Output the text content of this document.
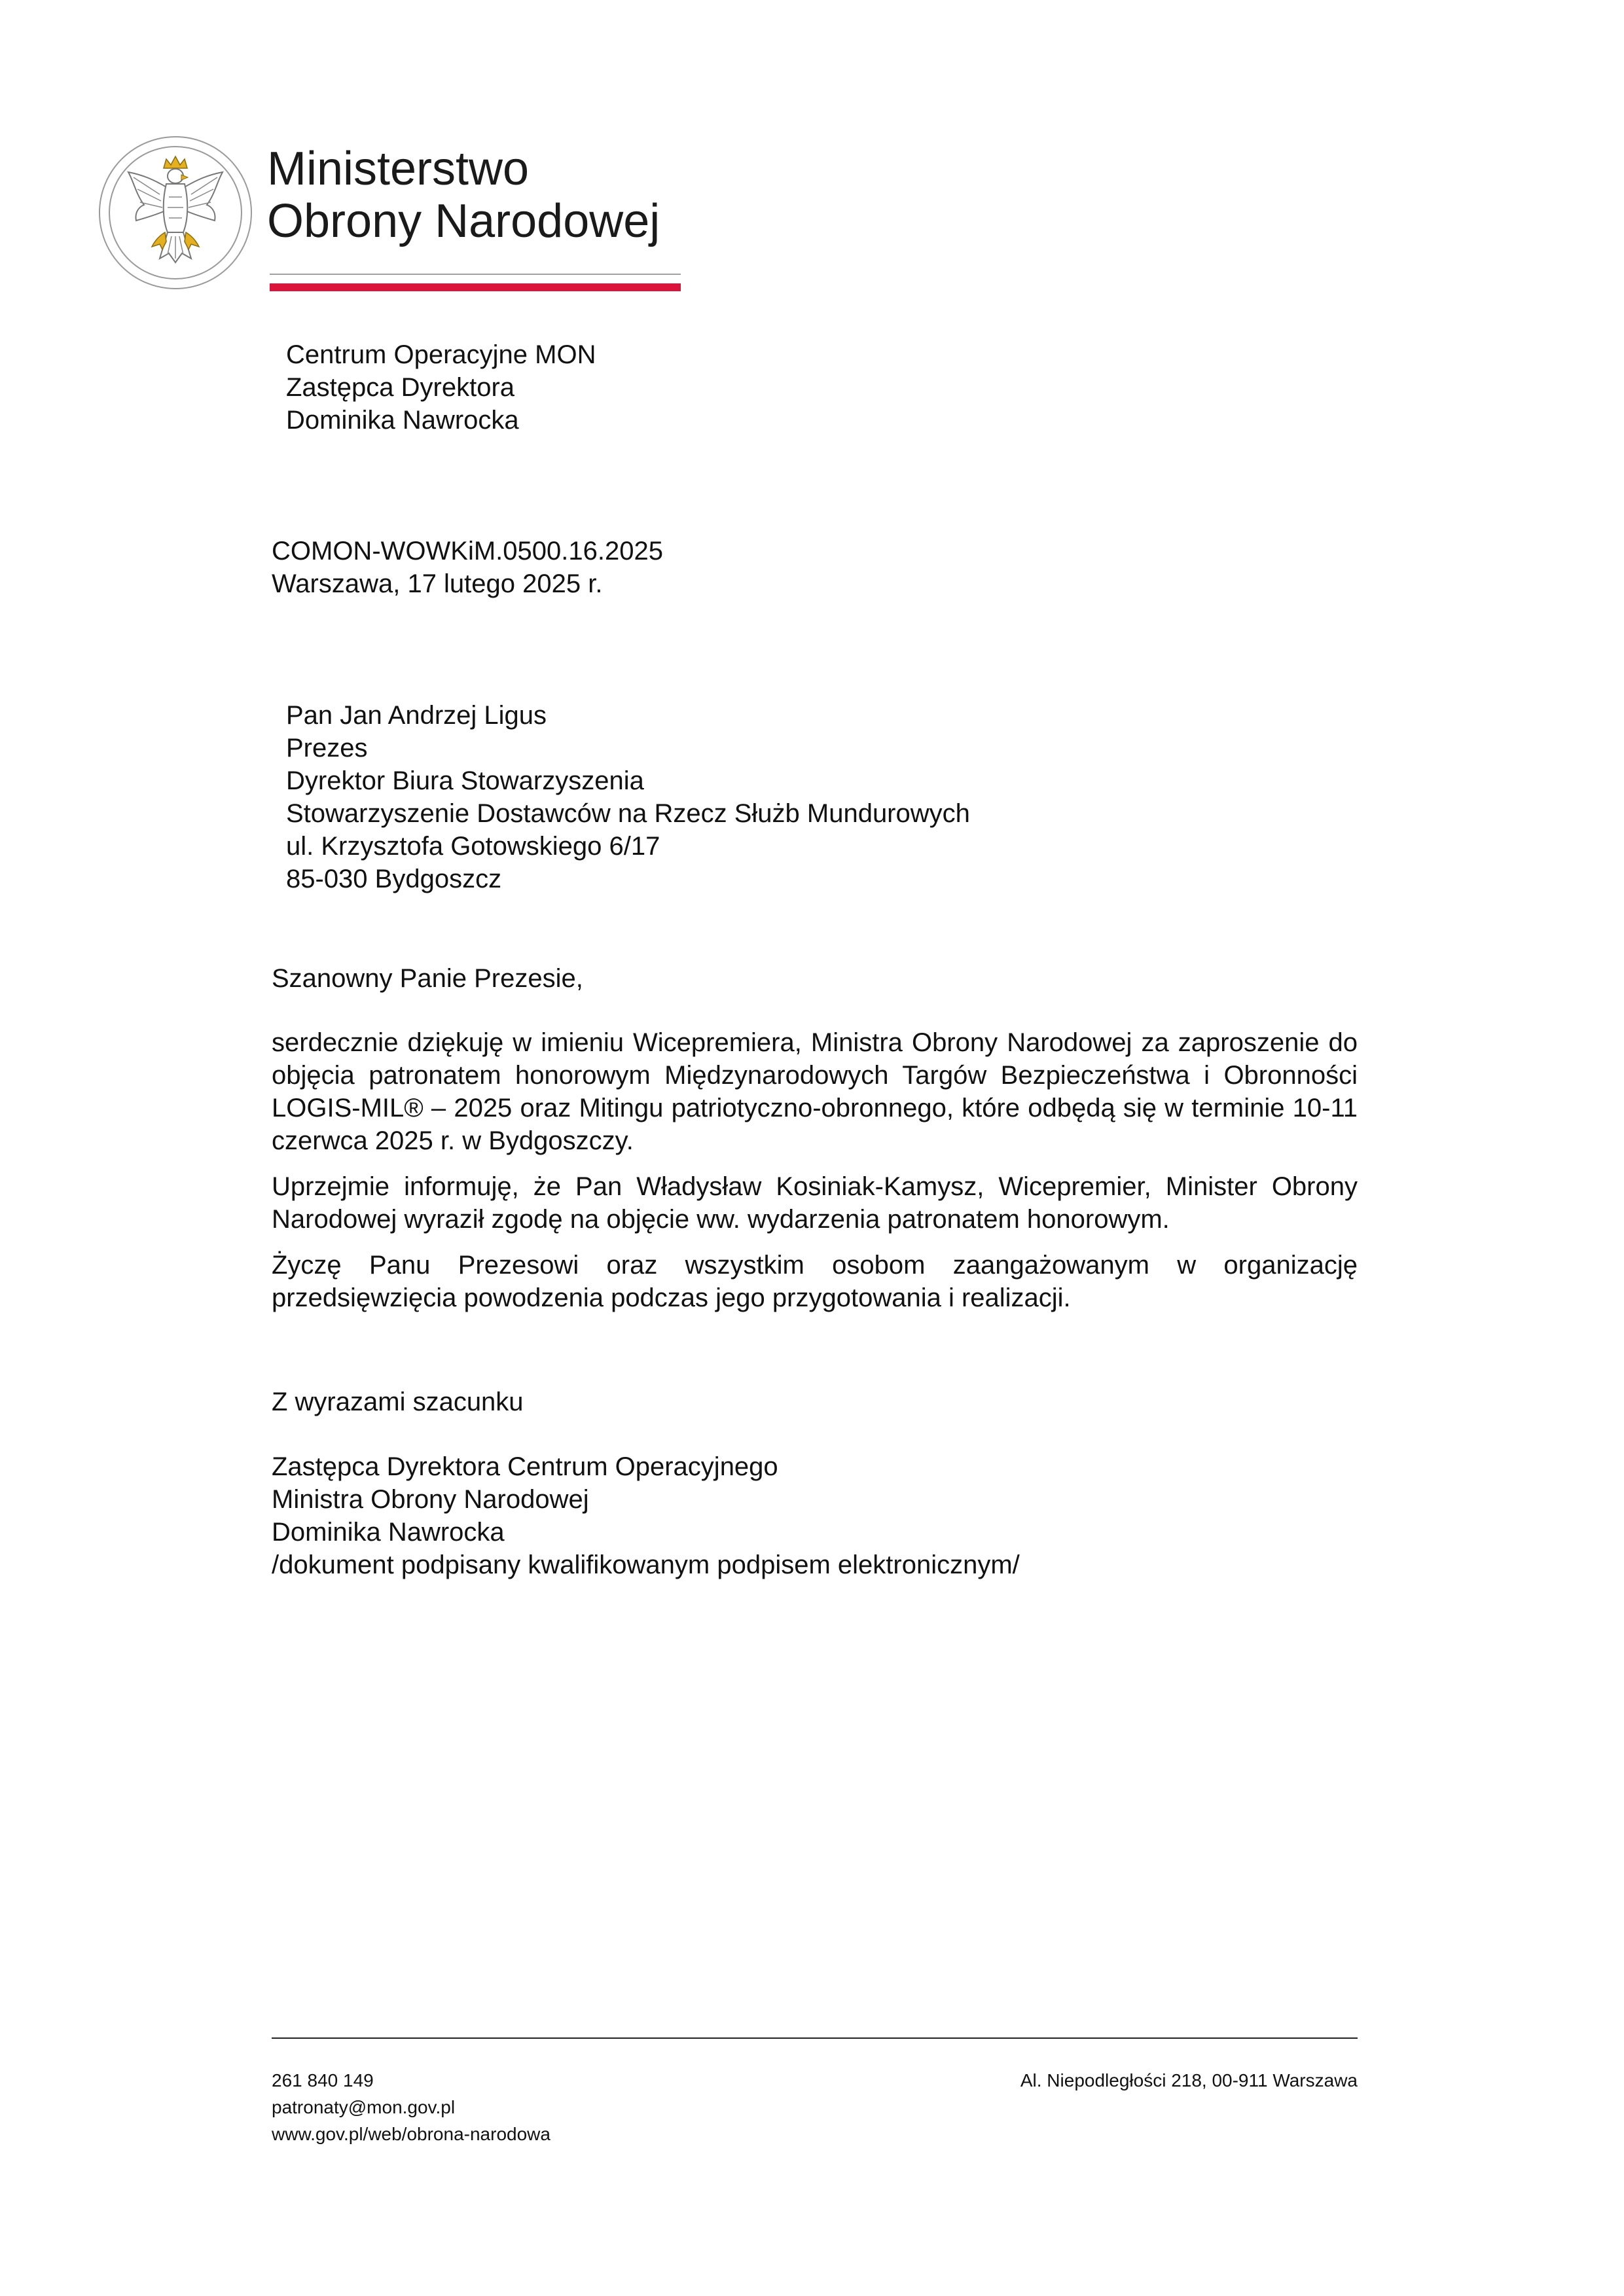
Ministerstwo
Obrony Narodowej
Centrum Operacyjne MON
Zastępca Dyrektora
Dominika Nawrocka
COMON-WOWKiM.0500.16.2025
Warszawa, 17 lutego 2025 r.
Pan Jan Andrzej Ligus
Prezes
Dyrektor Biura Stowarzyszenia
Stowarzyszenie Dostawców na Rzecz Służb Mundurowych
ul. Krzysztofa Gotowskiego 6/17
85-030 Bydgoszcz
Szanowny Panie Prezesie,

serdecznie dziękuję w imieniu Wicepremiera, Ministra Obrony Narodowej za zaproszenie do objęcia patronatem honorowym Międzynarodowych Targów Bezpieczeństwa i Obronności LOGIS-MIL® – 2025 oraz Mitingu patriotyczno-obronnego, które odbędą się w terminie 10-11 czerwca 2025 r. w Bydgoszczy.

Uprzejmie informuję, że Pan Władysław Kosiniak-Kamysz, Wicepremier, Minister Obrony Narodowej wyraził zgodę na objęcie ww. wydarzenia patronatem honorowym.

Życzę Panu Prezesowi oraz wszystkim osobom zaangażowanym w organizację przedsięwzięcia powodzenia podczas jego przygotowania i realizacji.

Z wyrazami szacunku
Zastępca Dyrektora Centrum Operacyjnego
Ministra Obrony Narodowej
Dominika Nawrocka
/dokument podpisany kwalifikowanym podpisem elektronicznym/
261 840 149
patronaty@mon.gov.pl
www.gov.pl/web/obrona-narodowa
Al. Niepodległości 218, 00-911 Warszawa
